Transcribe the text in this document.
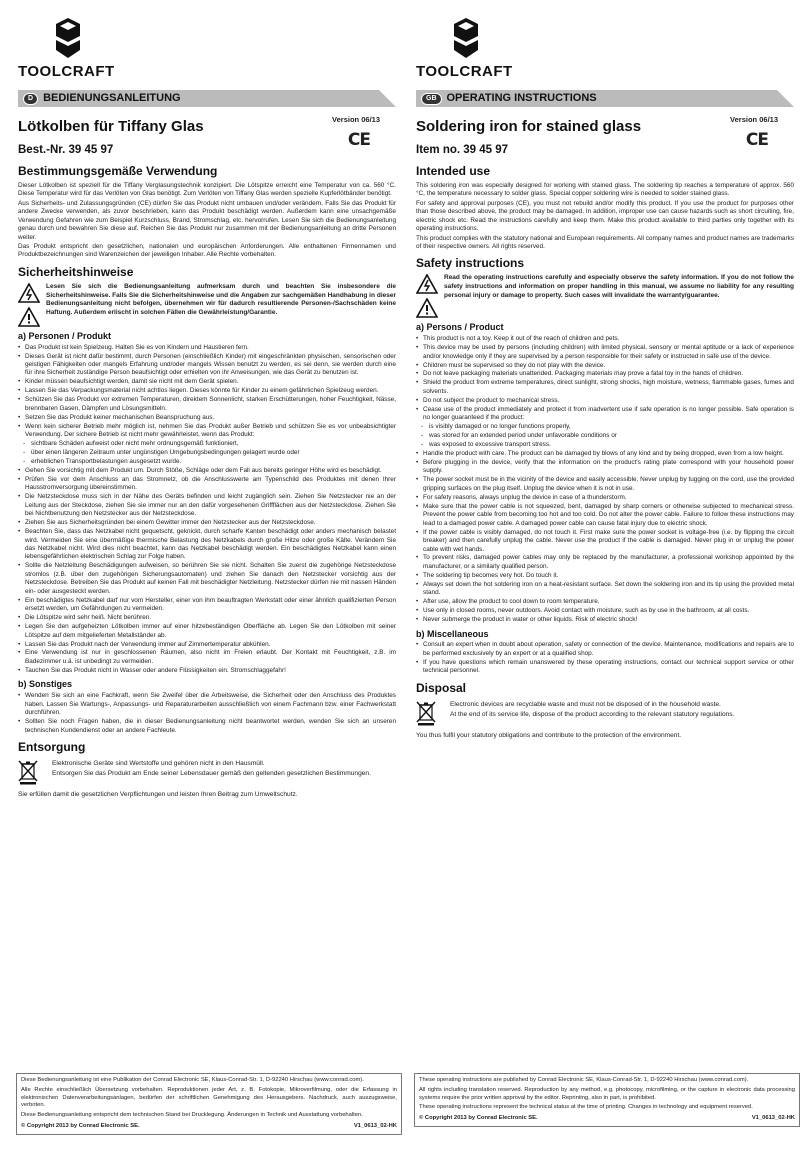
TOOLCRAFT
D BEDIENUNGSANLEITUNG
Lötkolben für Tiffany Glas	Version 06/13
CE
Best.-Nr. 39 45 97
Bestimmungsgemäße Verwendung

Dieser Lötkolben ist speziell für die Tiffany Verglasungstechnik konzipiert. Die Lötspitze erreicht eine Temperatur von ca. 560 °C. Diese Temperatur wird für das Verlöten von Glas benötigt. Zum Verlöten von Tiffany Glas werden spezielle Kupferlötbänder benötigt.

Aus Sicherheits- und Zulassungsgründen (CE) dürfen Sie das Produkt nicht umbauen und/oder verändern. Falls Sie das Produkt für andere Zwecke verwenden, als zuvor beschrieben, kann das Produkt beschädigt werden. Außerdem kann eine unsachgemäße Verwendung Gefahren wie zum Beispiel Kurzschluss, Brand, Stromschlag, etc. hervorrufen. Lesen Sie sich die Bedienungsanleitung genau durch und bewahren Sie diese auf. Reichen Sie das Produkt nur zusammen mit der Bedienungsanleitung an dritte Personen weiter.

Das Produkt entspricht den gesetzlichen, nationalen und europäischen Anforderungen. Alle enthaltenen Firmennamen und Produktbezeichnungen sind Warenzeichen der jeweiligen Inhaber. Alle Rechte vorbehalten.

Sicherheitshinweise
Lesen Sie sich die Bedienungsanleitung aufmerksam durch und beachten Sie insbesondere die Sicherheitshinweise. Falls Sie die Sicherheitshinweise und die Angaben zur sachgemäßen Handhabung in dieser Bedienungsanleitung nicht befolgen, übernehmen wir für dadurch resultierende Personen-/Sachschäden keine Haftung. Außerdem erlischt in solchen Fällen die Gewährleistung/Garantie.
a) Personen / Produkt
• Das Produkt ist kein Spielzeug. Halten Sie es von Kindern und Haustieren fern.
• Dieses Gerät ist nicht dafür bestimmt, durch Personen (einschließlich Kinder) mit eingeschränkten physischen, sensorischen oder geistigen Fähigkeiten oder mangels Erfahrung und/oder mangels Wissen benutzt zu werden, es sei denn, sie werden durch eine für ihre Sicherheit zuständige Person beaufsichtigt oder erhielten von ihr Anweisungen, wie das Gerät zu benutzen ist.
• Kinder müssen beaufsichtigt werden, damit sie nicht mit dem Gerät spielen.
• Lassen Sie das Verpackungsmaterial nicht achtlos liegen. Dieses könnte für Kinder zu einem gefährlichen Spielzeug werden.
• Schützen Sie das Produkt vor extremen Temperaturen, direktem Sonnenlicht, starken Erschütterungen, hoher Feuchtigkeit, Nässe, brennbaren Gasen, Dämpfen und Lösungsmitteln.
• Setzen Sie das Produkt keiner mechanischen Beanspruchung aus.
• Wenn kein sicherer Betrieb mehr möglich ist, nehmen Sie das Produkt außer Betrieb und schützen Sie es vor unbeabsichtigter Verwendung. Der sichere Betrieb ist nicht mehr gewährleistet, wenn das Produkt:
- sichtbare Schäden aufweist oder nicht mehr ordnungsgemäß funktioniert,
- über einen längeren Zeitraum unter ungünstigen Umgebungsbedingungen gelagert wurde oder
- erheblichen Transportbelastungen ausgesetzt wurde.
• Gehen Sie vorsichtig mit dem Produkt um. Durch Stöße, Schläge oder dem Fall aus bereits geringer Höhe wird es beschädigt.
• Prüfen Sie vor dem Anschluss an das Stromnetz, ob die Anschlusswerte am Typenschild des Produktes mit denen Ihrer Hausstromversorgung übereinstimmen.
• Die Netzsteckdose muss sich in der Nähe des Geräts befinden und leicht zugänglich sein. Ziehen Sie Netzstecker nie an der Leitung aus der Steckdose, ziehen Sie sie immer nur an den dafür vorgesehenen Griffflächen aus der Netzsteckdose. Ziehen Sie bei Nichtbenutzung den Netzstecker aus der Netzsteckdose.
• Ziehen Sie aus Sicherheitsgründen bei einem Gewitter immer den Netzstecker aus der Netzsteckdose.
• Beachten Sie, dass das Netzkabel nicht gequetscht, geknickt, durch scharfe Kanten beschädigt oder anders mechanisch belastet wird. Vermeiden Sie eine übermäßige thermische Belastung des Netzkabels durch große Hitze oder große Kälte. Verändern Sie das Netzkabel nicht. Wird dies nicht beachtet, kann das Netzkabel beschädigt werden. Ein beschädigtes Netzkabel kann einen lebensgefährlichen elektrischen Schlag zur Folge haben.
• Sollte die Netzleitung Beschädigungen aufweisen, so berühren Sie sie nicht. Schalten Sie zuerst die zugehörige Netzsteckdose stromlos (z.B. über den zugehörigen Sicherungsautomaten) und ziehen Sie danach den Netzstecker vorsichtig aus der Netzsteckdose. Betreiben Sie das Produkt auf keinen Fall mit beschädigter Netzleitung. Netzstecker dürfen nie mit nassen Händen ein- oder ausgesteckt werden.
• Ein beschädigtes Netzkabel darf nur vom Hersteller, einer von ihm beauftragten Werkstatt oder einer ähnlich qualifizierten Person ersetzt werden, um Gefährdungen zu vermeiden.
• Die Lötspitze wird sehr heiß. Nicht berühren.
• Legen Sie den aufgeheizten Lötkolben immer auf einer hitzebeständigen Oberfläche ab. Legen Sie den Lötkolben mit seiner Lötspitze auf dem mitgelieferten Metallständer ab.
• Lassen Sie das Produkt nach der Verwendung immer auf Zimmertemperatur abkühlen.
• Eine Verwendung ist nur in geschlossenen Räumen, also nicht im Freien erlaubt. Der Kontakt mit Feuchtigkeit, z.B. im Badezimmer u.ä. ist unbedingt zu vermeiden.
• Tauchen Sie das Produkt nicht in Wasser oder andere Flüssigkeiten ein. Stromschlaggefahr!
b) Sonstiges
• Wenden Sie sich an eine Fachkraft, wenn Sie Zweifel über die Arbeitsweise, die Sicherheit oder den Anschluss des Produktes haben. Lassen Sie Wartungs-, Anpassungs- und Reparaturarbeiten ausschließlich von einem Fachmann bzw. einer Fachwerkstatt durchführen.
• Sollten Sie noch Fragen haben, die in dieser Bedienungsanleitung nicht beantwortet werden, wenden Sie sich an unseren technischen Kundendienst oder an andere Fachleute.
Entsorgung

Elektronische Geräte sind Wertstoffe und gehören nicht in den Hausmüll.

Entsorgen Sie das Produkt am Ende seiner Lebensdauer gemäß den geltenden gesetzlichen Bestimmungen.

Sie erfüllen damit die gesetzlichen Verpflichtungen und leisten Ihren Beitrag zum Umweltschutz.

TOOLCRAFT
GB OPERATING INSTRUCTIONS
Soldering iron for stained glass	Version 06/13
CE
Item no. 39 45 97
Intended use

This soldering iron was especially designed for working with stained glass. The soldering tip reaches a temperature of approx. 560 °C, the temperature necessary to solder glass. Special copper soldering wire is needed to solder stained glass.

For safety and approval purposes (CE), you must not rebuild and/or modify this product. If you use the product for purposes other than those described above, the product may be damaged. In addition, improper use can cause hazards such as short circuiting, fire, electric shock etc. Read the instructions carefully and keep them. Make this product available to third parties only together with its operating instructions.

This product complies with the statutory national and European requirements. All company names and product names are trademarks of their respective owners. All rights reserved.

Safety instructions
Read the operating instructions carefully and especially observe the safety information. If you do not follow the safety instructions and information on proper handling in this manual, we assume no liability for any resulting personal injury or damage to property. Such cases will invalidate the warranty/guarantee.
a) Persons / Product
• This product is not a toy. Keep it out of the reach of children and pets.
• This device may be used by persons (including children) with limited physical, sensory or mental aptitude or a lack of experience and/or knowledge only if they are supervised by a person responsible for their safety or instructed in safe use of the device.
• Children must be supervised so they do not play with the device.
• Do not leave packaging materials unattended. Packaging materials may prove a fatal toy in the hands of children.
• Shield the product from extreme temperatures, direct sunlight, strong shocks, high moisture, wetness, flammable gases, fumes and solvents.
• Do not subject the product to mechanical stress.
• Cease use of the product immediately and protect it from inadvertent use if safe operation is no longer possible. Safe operation is no longer guaranteed if the product:
- is visibly damaged or no longer functions properly,
- was stored for an extended period under unfavorable conditions or
- was exposed to excessive transport stress.
• Handle the product with care. The product can be damaged by blows of any kind and by being dropped, even from a low height.
• Before plugging in the device, verify that the information on the product's rating plate correspond with your household power supply.
• The power socket must be in the vicinity of the device and easily accessible. Never unplug by tugging on the cord, use the provided gripping surfaces on the plug itself. Unplug the device when it is not in use.
• For safety reasons, always unplug the device in case of a thunderstorm.
• Make sure that the power cable is not squeezed, bent, damaged by sharp corners or otherwise subjected to mechanical stress. Prevent the power cable from becoming too hot and too cold. Do not alter the power cable. Failure to follow these instructions may lead to a damaged power cable. A damaged power cable can cause fatal injury due to electric shock.
• If the power cable is visibly damaged, do not touch it. First make sure the power socket is voltage-free (i.e. by flipping the circuit breaker) and then carefully unplug the cable. Never use the product if the cable is damaged. Never plug in or unplug the power cable with wet hands.
• To prevent risks, damaged power cables may only be replaced by the manufacturer, a professional workshop appointed by the manufacturer, or a similarly qualified person.
• The soldering tip becomes very hot. Do touch it.
• Always set down the hot soldering iron on a heat-resistant surface. Set down the soldering iron and its tip using the provided metal stand.
• After use, allow the product to cool down to room temperature.
• Use only in closed rooms, never outdoors. Avoid contact with moisture, such as by use in the bathroom, at all costs.
• Never submerge the product in water or other liquids. Risk of electric shock!
b) Miscellaneous
• Consult an expert when in doubt about operation, safety or connection of the device. Maintenance, modifications and repairs are to be performed exclusively by an expert or at a qualified shop.
• If you have questions which remain unanswered by these operating instructions, contact our technical support service or other technical personnel.
Disposal

Electronic devices are recyclable waste and must not be disposed of in the household waste.

At the end of its service life, dispose of the product according to the relevant statutory regulations.

You thus fulfil your statutory obligations and contribute to the protection of the environment.

Diese Bedienungsanleitung ist eine Publikation der Conrad Electronic SE, Klaus-Conrad-Str. 1, D-92240 Hirschau (www.conrad.com).

Alle Rechte einschließlich Übersetzung vorbehalten. Reproduktionen jeder Art, z. B. Fotokopie, Mikroverfilmung, oder die Erfassung in elektronischen Datenverarbeitungsanlagen, bedürfen der schriftlichen Genehmigung des Herausgebers. Nachdruck, auch auszugsweise, verboten.

Diese Bedienungsanleitung entspricht dem technischen Stand bei Drucklegung. Änderungen in Technik und Ausstattung vorbehalten.

© Copyright 2013 by Conrad Electronic SE.	V1_0613_02-HK

These operating instructions are published by Conrad Electronic SE, Klaus-Conrad-Str. 1, D-92240 Hirschau (www.conrad.com).

All rights including translation reserved. Reproduction by any method, e.g. photocopy, microfilming, or the capture in electronic data processing systems require the prior written approval by the editor. Reprinting, also in part, is prohibited.

These operating instructions represent the technical status at the time of printing. Changes in technology and equipment reserved.

© Copyright 2013 by Conrad Electronic SE.	V1_0613_02-HK
